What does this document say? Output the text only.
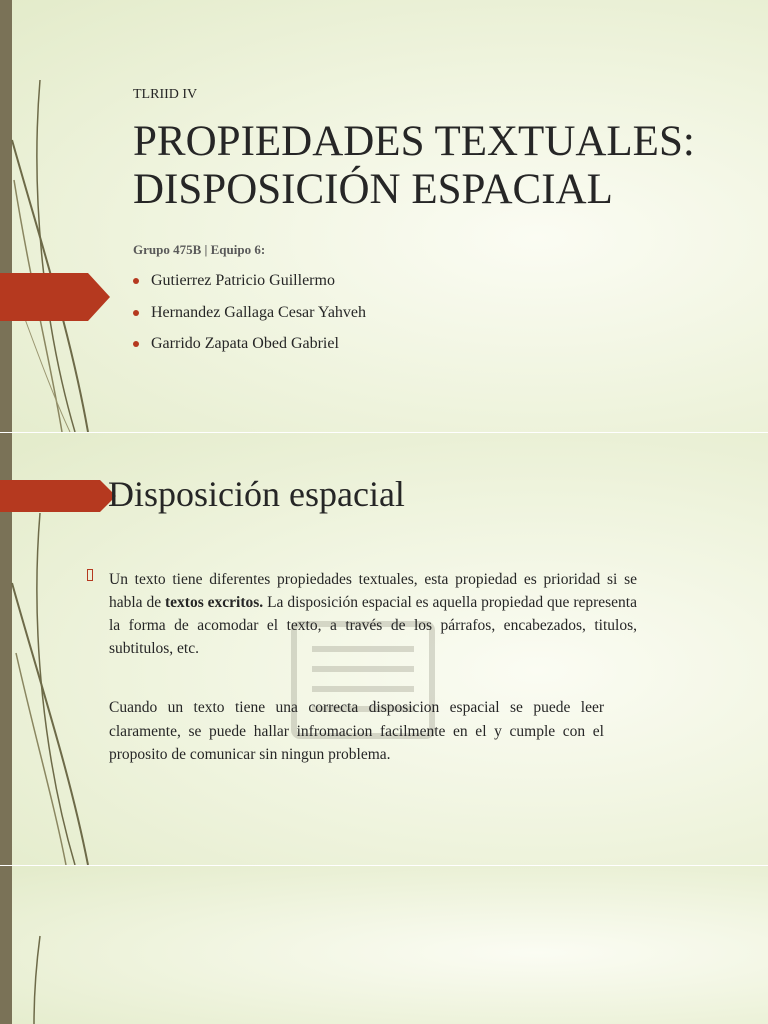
TLRIID IV
PROPIEDADES TEXTUALES:
DISPOSICIÓN ESPACIAL
Grupo 475B | Equipo 6:
Gutierrez Patricio Guillermo
Hernandez Gallaga Cesar Yahveh
Garrido Zapata Obed Gabriel
Disposición espacial
Un texto tiene diferentes propiedades textuales, esta propiedad es prioridad si se habla de textos excritos. La disposición espacial es aquella propiedad que representa la forma de acomodar el texto, a través de los párrafos, encabezados, titulos, subtitulos, etc.
Cuando un texto tiene una correcta disposicion espacial se puede leer claramente, se puede hallar infromacion facilmente en el y cumple con el proposito de comunicar sin ningun problema.
